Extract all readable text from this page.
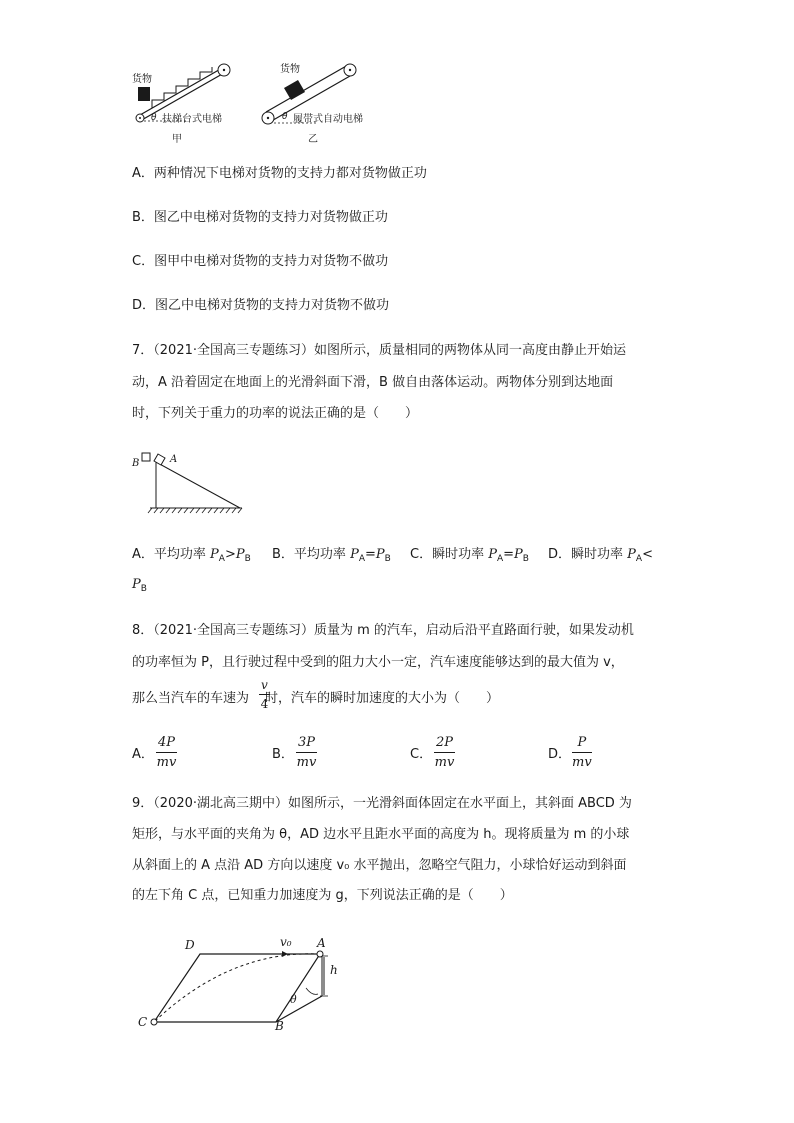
货物
θ 扶梯台式电梯
甲
货物
θ 履带式自动电梯
乙
A．两种情况下电梯对货物的支持力都对货物做正功
B．图乙中电梯对货物的支持力对货物做正功
C．图甲中电梯对货物的支持力对货物不做功
D．图乙中电梯对货物的支持力对货物不做功
7．（2021·全国高三专题练习）如图所示，质量相同的两物体从同一高度由静止开始运
动，A 沿着固定在地面上的光滑斜面下滑，B 做自由落体运动。两物体分别到达地面
时，下列关于重力的功率的说法正确的是（　　）
B	A
A．平均功率 $P_A>P_B$ B．平均功率 $P_A=P_B$ C．瞬时功率 $P_A=P_B$ D．瞬时功率 $P_A<$
$P_B$
8．（2021·全国高三专题练习）质量为 m 的汽车，启动后沿平直路面行驶，如果发动机
的功率恒为 P，且行驶过程中受到的阻力大小一定，汽车速度能够达到的最大值为 v，
那么当汽车的车速为 时，汽车的瞬时加速度的大小为（　　）
$\frac{v}{4}$
A． $\frac{4P}{mv}$	B． $\frac{3P}{mv}$	C． $\frac{2P}{mv}$	D． $\frac{P}{mv}$
9．（2020·湖北高三期中）如图所示，一光滑斜面体固定在水平面上，其斜面 ABCD 为
矩形，与水平面的夹角为 θ，AD 边水平且距水平面的高度为 h。现将质量为 m 的小球
从斜面上的 A 点沿 AD 方向以速度 v₀ 水平抛出，忽略空气阻力，小球恰好运动到斜面
的左下角 C 点，已知重力加速度为 g，下列说法正确的是（　　）
D	A
B
C
h
θ
v₀
